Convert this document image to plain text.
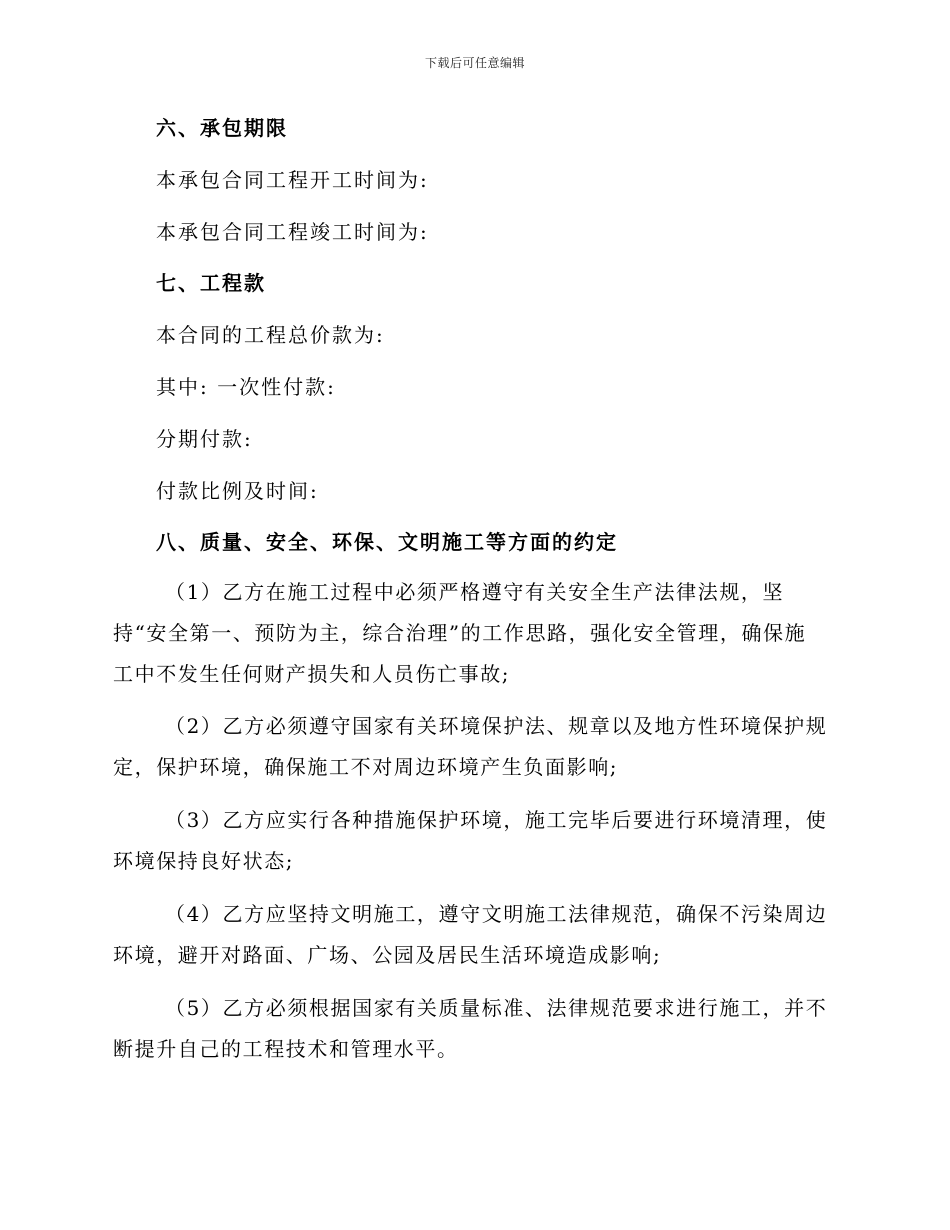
下载后可任意编辑
六、承包期限
本承包合同工程开工时间为:
本承包合同工程竣工时间为:
七、工程款
本合同的工程总价款为:
其中: 一次性付款:
分期付款:
付款比例及时间:
八、质量、安全、环保、文明施工等方面的约定
（1）乙方在施工过程中必须严格遵守有关安全生产法律法规，坚
持“安全第一、预防为主，综合治理”的工作思路，强化安全管理，确保施
工中不发生任何财产损失和人员伤亡事故;
（2）乙方必须遵守国家有关环境保护法、规章以及地方性环境保护规
定，保护环境，确保施工不对周边环境产生负面影响;
（3）乙方应实行各种措施保护环境，施工完毕后要进行环境清理，使
环境保持良好状态;
（4）乙方应坚持文明施工，遵守文明施工法律规范，确保不污染周边
环境，避开对路面、广场、公园及居民生活环境造成影响;
（5）乙方必须根据国家有关质量标准、法律规范要求进行施工，并不
断提升自己的工程技术和管理水平。
